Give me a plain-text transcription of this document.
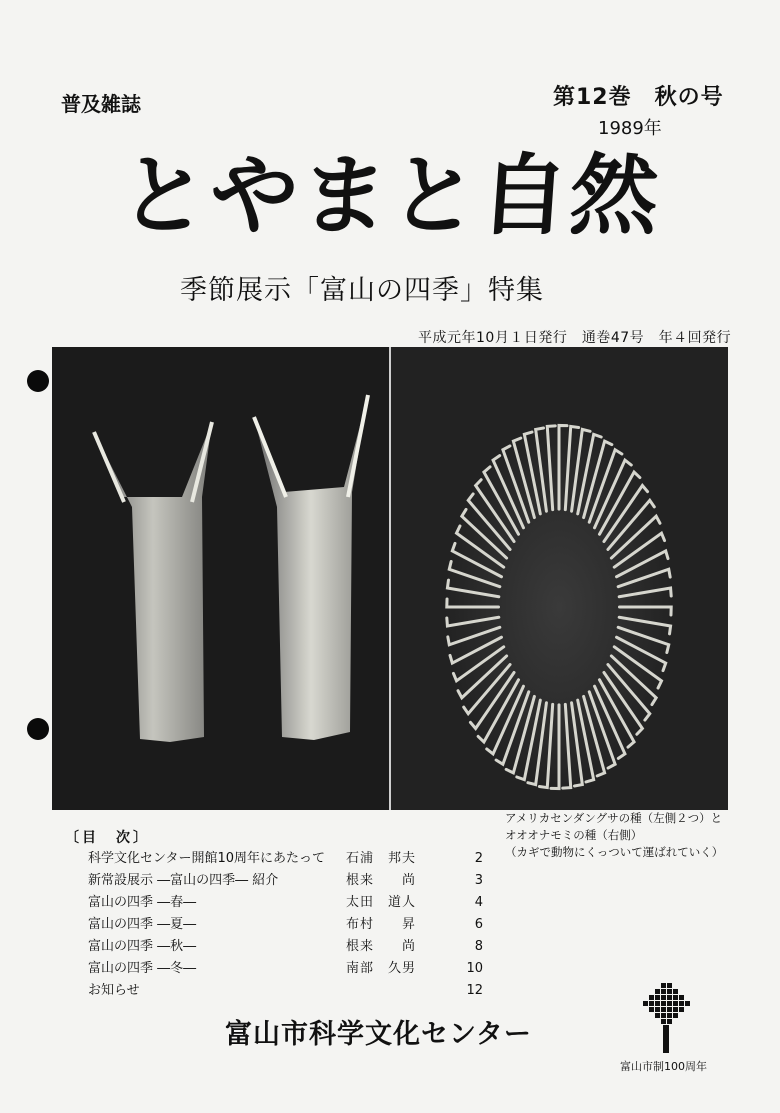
普及雑誌	第12巻　秋の号
1989年
とやまと自然
季節展示「富山の四季」特集
平成元年10月１日発行　通巻47号　年４回発行
アメリカセンダングサの種（左側２つ）と
オオオナモミの種（右側）
（カギで動物にくっついて運ばれていく）
〔目　次〕
科学文化センター開館10周年にあたって 石浦　邦夫	2
新常設展示 ―富山の四季― 紹介	根来　　尚	3
富山の四季 ―春―	太田　道人	4
富山の四季 ―夏―	布村　　昇	6
富山の四季 ―秋―	根来　　尚	8
富山の四季 ―冬―	南部　久男	10
お知らせ	12
富山市科学文化センター
富山市制100周年
